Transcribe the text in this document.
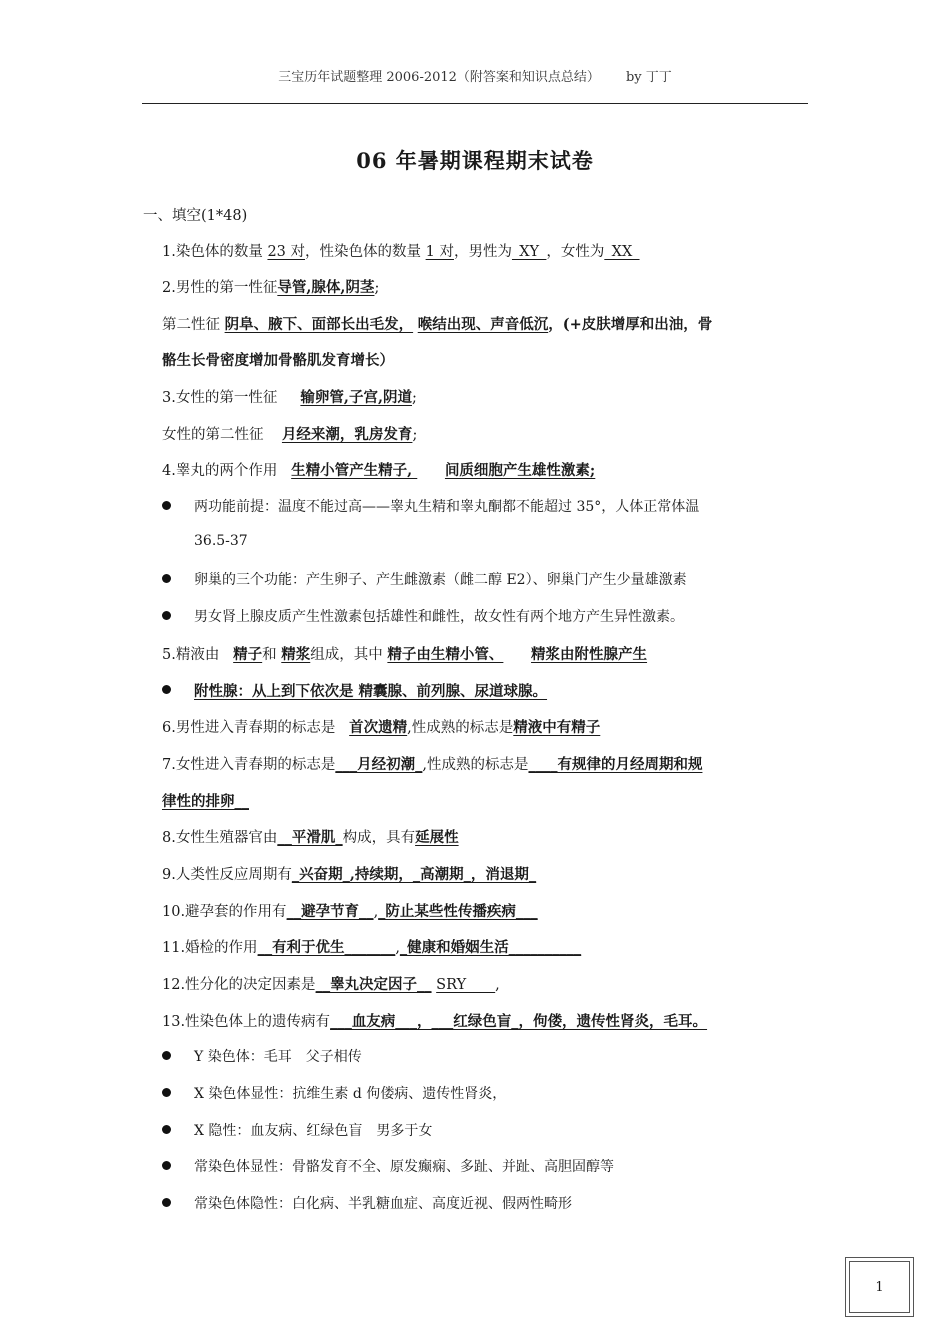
三宝历年试题整理 2006-2012（附答案和知识点总结） by 丁丁
06 年暑期课程期末试卷
一、填空(1*48)
1.染色体的数量 23 对，性染色体的数量 1 对，男性为_XY_，女性为_XX_
2.男性的第一性征导管,腺体,阴茎;
第二性征 阴阜、腋下、面部长出毛发， 喉结出现、声音低沉，(+皮肤增厚和出油，骨
骼生长骨密度增加骨骼肌发育增长）
3.女性的第一性征     输卵管,子宫,阴道;
女性的第二性征    月经来潮，乳房发育;
4.睾丸的两个作用   生精小管产生精子,       间质细胞产生雄性激素;
两功能前提：温度不能过高——睾丸生精和睾丸酮都不能超过 35°，人体正常体温
36.5-37
卵巢的三个功能：产生卵子、产生雌激素（雌二醇 E2）、卵巢门产生少量雄激素
男女肾上腺皮质产生性激素包括雄性和雌性，故女性有两个地方产生异性激素。
5.精液由   精子和 精浆组成，其中 精子由生精小管、 精浆由附性腺产生
附性腺：从上到下依次是 精囊腺、前列腺、尿道球腺。
6.男性进入青春期的标志是   首次遗精,性成熟的标志是精液中有精子
7.女性进入青春期的标志是___月经初潮_,性成熟的标志是____有规律的月经周期和规
律性的排卵__
8.女性生殖器官由__平滑肌_构成，具有延展性
9.人类性反应周期有_兴奋期_,持续期，_高潮期_，消退期_
10.避孕套的作用有__避孕节育__,_防止某些性传播疾病___
11.婚检的作用__有利于优生_______,_健康和婚姻生活__________
12.性分化的决定因素是__睾丸决定因子__ SRY____,
13.性染色体上的遗传病有___血友病___，___红绿色盲_，佝偻，遗传性肾炎，毛耳。
Y 染色体：毛耳　父子相传
X 染色体显性：抗维生素 d 佝偻病、遗传性肾炎，
X 隐性：血友病、红绿色盲　男多于女
常染色体显性：骨骼发育不全、原发癫痫、多趾、并趾、高胆固醇等
常染色体隐性：白化病、半乳糖血症、高度近视、假两性畸形
1
